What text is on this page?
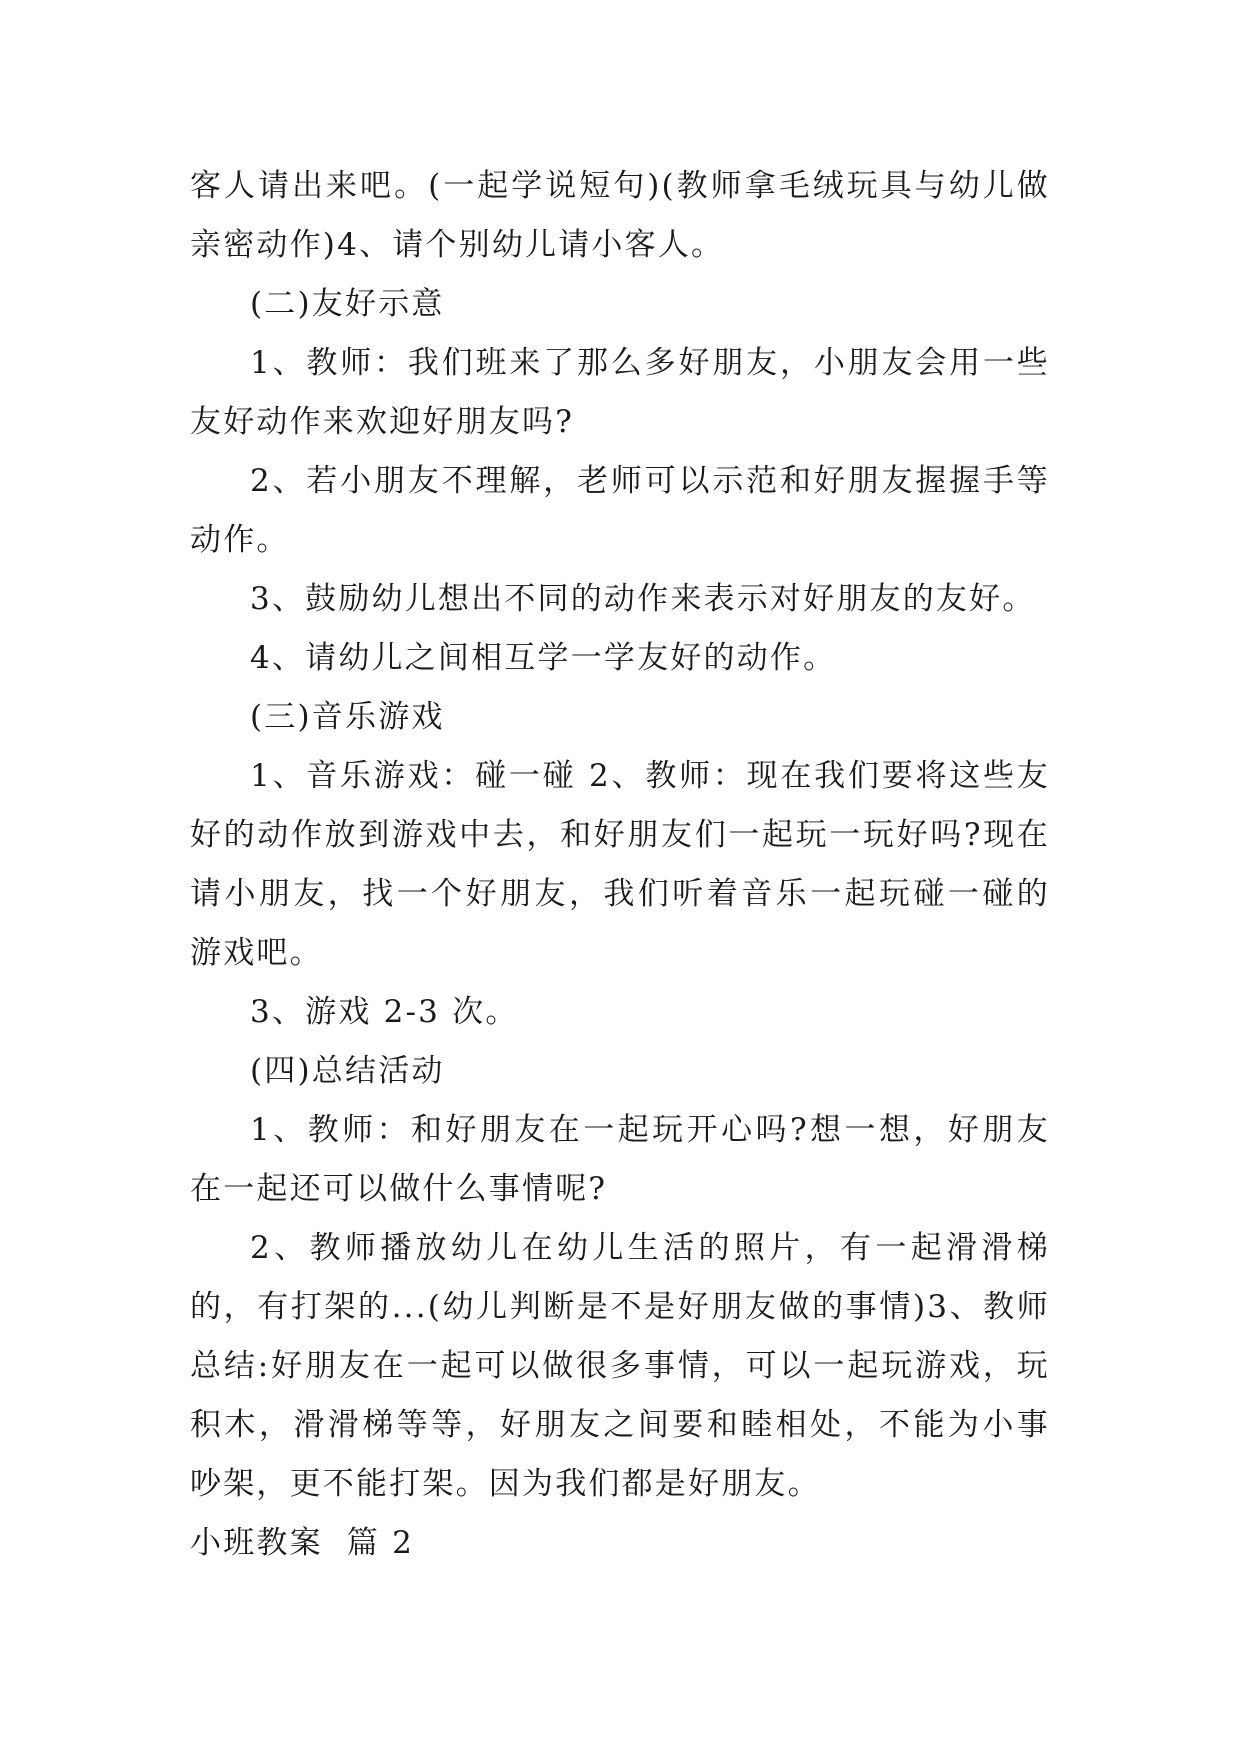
客人请出来吧。(一起学说短句)(教师拿毛绒玩具与幼儿做亲密动作)4、请个别幼儿请小客人。

(二)友好示意

1、教师：我们班来了那么多好朋友，小朋友会用一些友好动作来欢迎好朋友吗?

2、若小朋友不理解，老师可以示范和好朋友握握手等动作。

3、鼓励幼儿想出不同的动作来表示对好朋友的友好。

4、请幼儿之间相互学一学友好的动作。

(三)音乐游戏

1、音乐游戏：碰一碰 2、教师：现在我们要将这些友好的动作放到游戏中去，和好朋友们一起玩一玩好吗?现在请小朋友，找一个好朋友，我们听着音乐一起玩碰一碰的游戏吧。

3、游戏 2-3 次。

(四)总结活动

1、教师：和好朋友在一起玩开心吗?想一想，好朋友在一起还可以做什么事情呢?

2、教师播放幼儿在幼儿生活的照片，有一起滑滑梯的，有打架的...(幼儿判断是不是好朋友做的事情)3、教师总结:好朋友在一起可以做很多事情，可以一起玩游戏，玩积木，滑滑梯等等，好朋友之间要和睦相处，不能为小事吵架，更不能打架。因为我们都是好朋友。

小班教案  篇 2
